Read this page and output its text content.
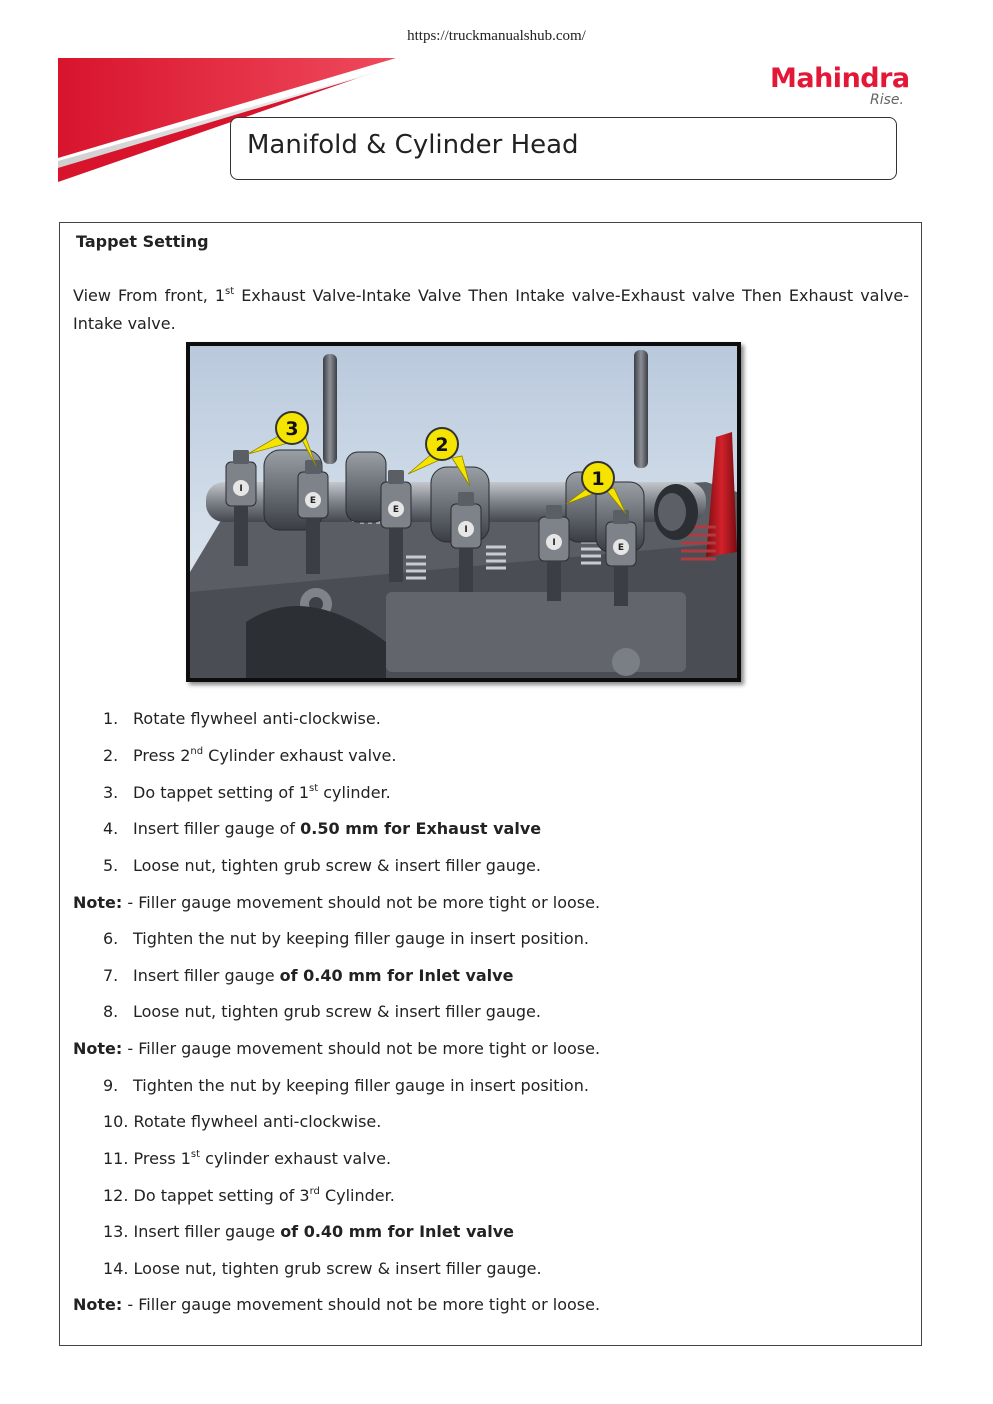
https://truckmanualshub.com/
Mahindra
Rise.
Manifold & Cylinder Head
Tappet Setting
View From front, 1st Exhaust Valve-Intake Valve Then Intake valve-Exhaust valve Then Exhaust valve-Intake valve.
I
E
E
I
I	E
3
2
1
1. Rotate flywheel anti-clockwise.
2. Press 2nd Cylinder exhaust valve.
3. Do tappet setting of 1st cylinder.
4. Insert filler gauge of 0.50 mm for Exhaust valve
5. Loose nut, tighten grub screw & insert filler gauge.
Note: - Filler gauge movement should not be more tight or loose.
6. Tighten the nut by keeping filler gauge in insert position.
7. Insert filler gauge of 0.40 mm for Inlet valve
8. Loose nut, tighten grub screw & insert filler gauge.
Note: - Filler gauge movement should not be more tight or loose.
9. Tighten the nut by keeping filler gauge in insert position.
10. Rotate flywheel anti-clockwise.
11. Press 1st cylinder exhaust valve.
12. Do tappet setting of 3rd Cylinder.
13. Insert filler gauge of 0.40 mm for Inlet valve
14. Loose nut, tighten grub screw & insert filler gauge.
Note: - Filler gauge movement should not be more tight or loose.
